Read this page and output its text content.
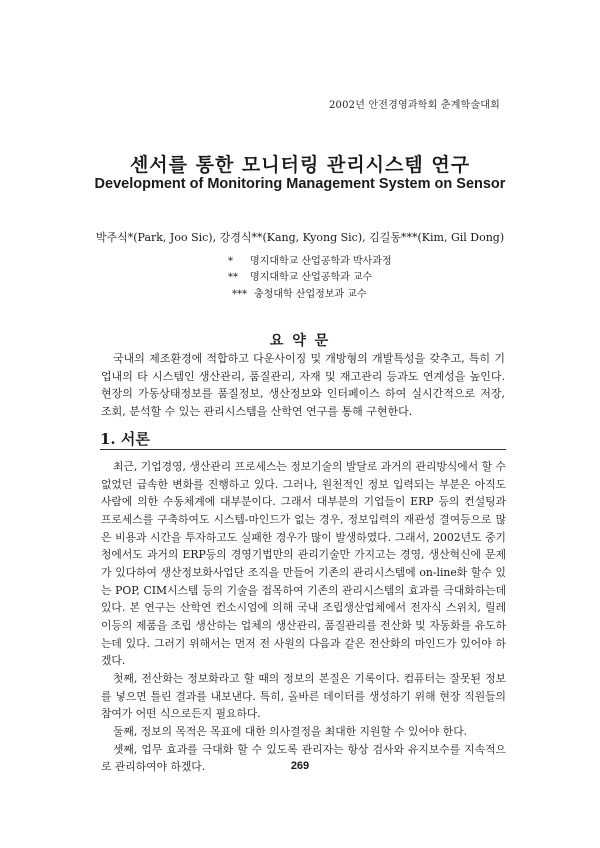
2002년 안전경영과학회 춘계학술대회
센서를 통한 모니터링 관리시스템 연구
Development of Monitoring Management System on Sensor
박주식*(Park, Joo Sic), 강경식**(Kang, Kyong Sic), 김길동***(Kim, Gil Dong)
* 명지대학교 산업공학과 박사과정
** 명지대학교 산업공학과 교수
*** 충청대학 산업정보과 교수
요 약 문

국내의 제조환경에 적합하고 다운사이징 및 개방형의 개발특성을 갖추고, 특히 기업내의 타 시스템인 생산관리, 품질관리, 자재 및 재고관리 등과도 연계성을 높인다. 현장의 가동상태정보를 품질정보, 생산정보와 인터페이스 하여 실시간적으로 저장, 조회, 분석할 수 있는 관리시스템을 산학연 연구를 통해 구현한다.

1. 서론

최근, 기업경영, 생산관리 프로세스는 정보기술의 발달로 과거의 관리방식에서 할 수 없었던 급속한 변화를 진행하고 있다. 그러나, 원천적인 정보 입력되는 부분은 아직도 사람에 의한 수동체계에 대부분이다. 그래서 대부분의 기업들이 ERP 등의 컨설팅과 프로세스를 구축하여도 시스템-마인드가 없는 경우, 정보입력의 재관성 결여등으로 많은 비용과 시간을 투자하고도 실패한 경우가 많이 발생하였다. 그래서, 2002년도 중기청에서도 과거의 ERP등의 경영기법만의 관리기술만 가지고는 경영, 생산혁신에 문제가 있다하여 생산정보화사업단 조직을 만들어 기존의 관리시스템에 on-line화 할수 있는 POP, CIM시스템 등의 기술을 접목하여 기존의 관리시스템의 효과를 극대화하는데 있다. 본 연구는 산학연 컨소시엄에 의해 국내 조립생산업체에서 전자식 스위치, 릴레이등의 제품을 조립 생산하는 업체의 생산관리, 품질관리를 전산화 및 자동화를 유도하는데 있다. 그러기 위해서는 먼저 전 사원의 다음과 같은 전산화의 마인드가 있어야 하겠다.

첫째, 전산화는 정보화라고 할 때의 정보의 본질은 기록이다. 컴퓨터는 잘못된 정보를 넣으면 틀린 결과를 내보낸다. 특히, 올바른 데이터를 생성하기 위해 현장 직원들의 참여가 어떤 식으로든지 필요하다.

둘째, 정보의 목적은 목표에 대한 의사결정을 최대한 지원할 수 있어야 한다.

셋째, 업무 효과를 극대화 할 수 있도록 관리자는 항상 검사와 유지보수를 지속적으로 관리하여야 하겠다.	269
